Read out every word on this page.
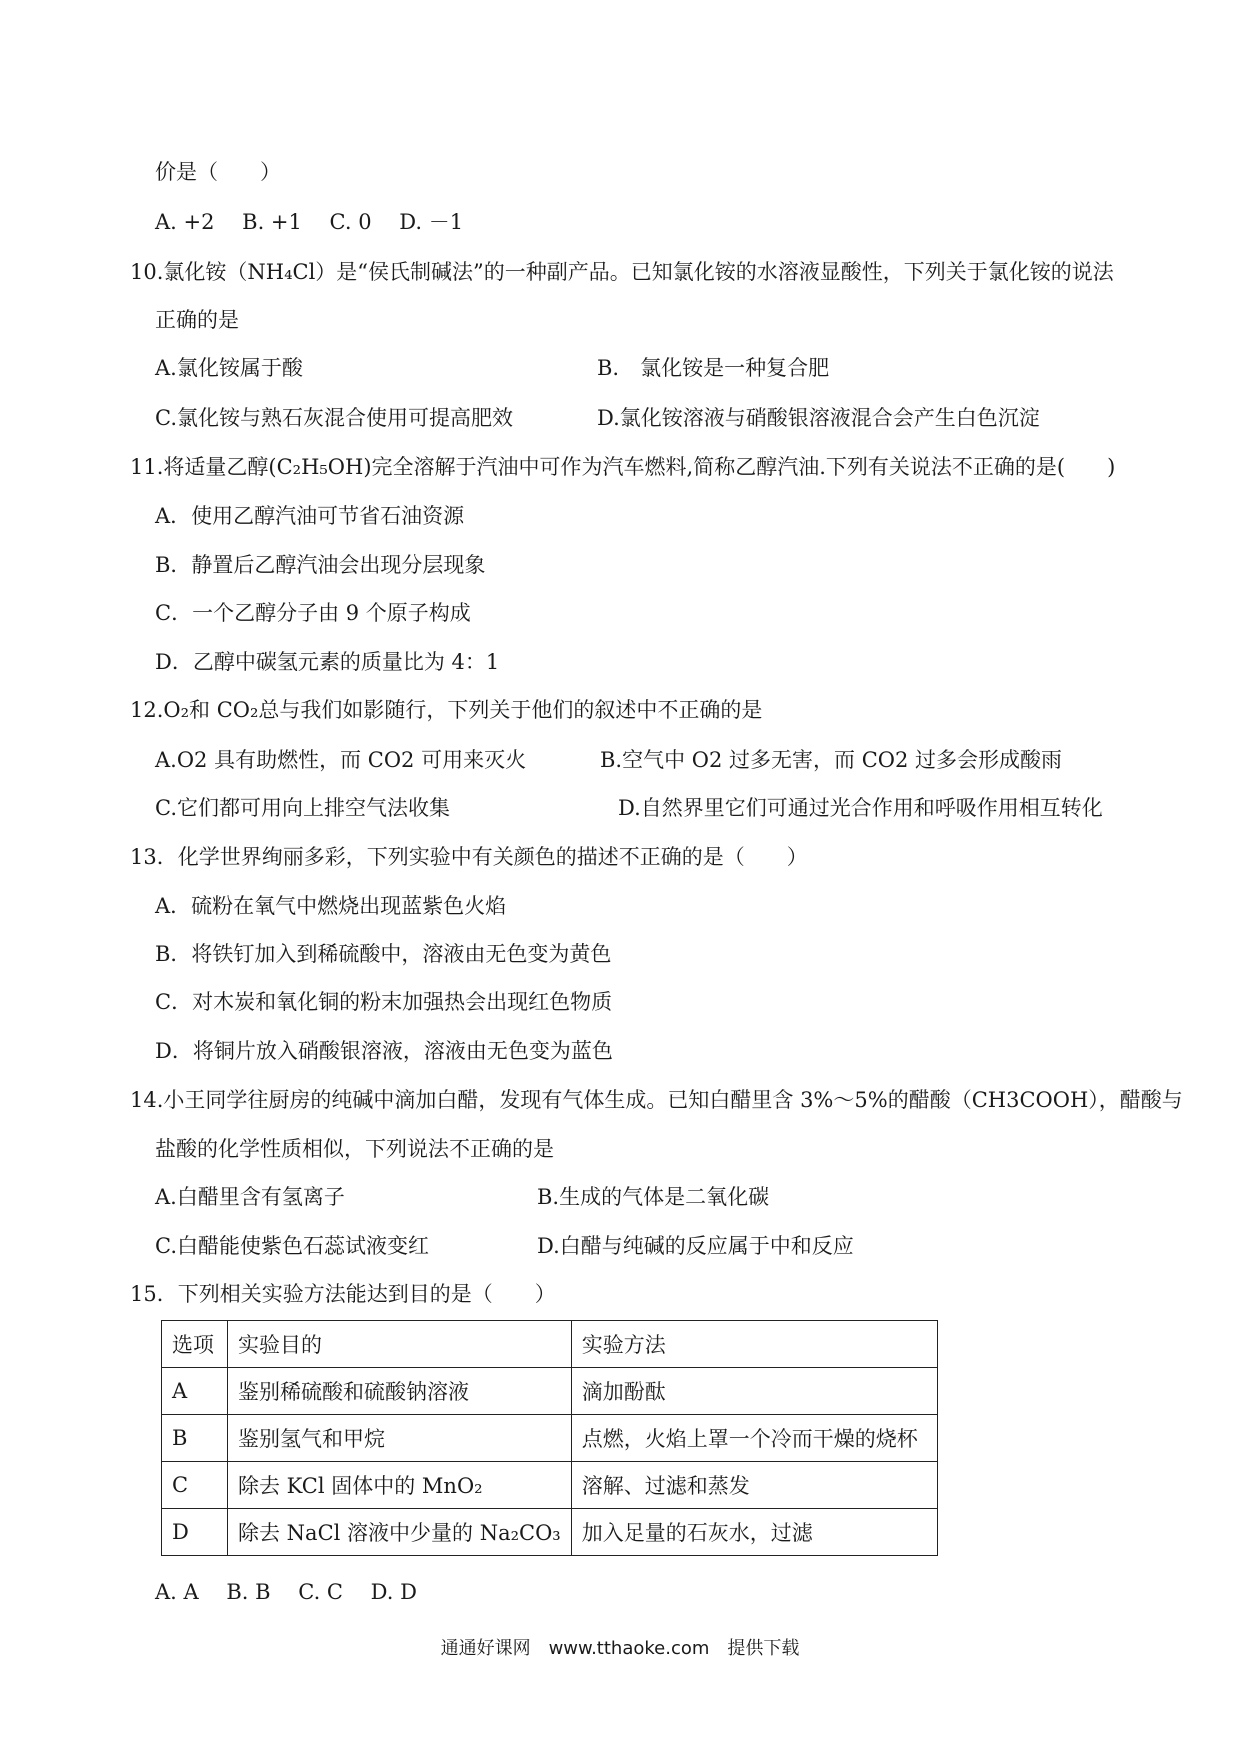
价是（　　）
A. +2　 B. +1　 C. 0　 D. －1
10.氯化铵（NH₄Cl）是“侯氏制碱法”的一种副产品。已知氯化铵的水溶液显酸性，下列关于氯化铵的说法
正确的是
A.氯化铵属于酸	B.　氯化铵是一种复合肥
C.氯化铵与熟石灰混合使用可提高肥效	D.氯化铵溶液与硝酸银溶液混合会产生白色沉淀
11.将适量乙醇(C₂H₅OH)完全溶解于汽油中可作为汽车燃料,简称乙醇汽油.下列有关说法不正确的是(　　)
A．使用乙醇汽油可节省石油资源
B．静置后乙醇汽油会出现分层现象
C．一个乙醇分子由 9 个原子构成
D．乙醇中碳氢元素的质量比为 4：1
12.O₂和 CO₂总与我们如影随行，下列关于他们的叙述中不正确的是
A.O2 具有助燃性，而 CO2 可用来灭火	B.空气中 O2 过多无害，而 CO2 过多会形成酸雨
C.它们都可用向上排空气法收集	D.自然界里它们可通过光合作用和呼吸作用相互转化
13．化学世界绚丽多彩，下列实验中有关颜色的描述不正确的是（　　）
A．硫粉在氧气中燃烧出现蓝紫色火焰
B．将铁钉加入到稀硫酸中，溶液由无色变为黄色
C．对木炭和氧化铜的粉末加强热会出现红色物质
D．将铜片放入硝酸银溶液，溶液由无色变为蓝色
14.小王同学往厨房的纯碱中滴加白醋，发现有气体生成。已知白醋里含 3%～5%的醋酸（CH3COOH），醋酸与
盐酸的化学性质相似，下列说法不正确的是
A.白醋里含有氢离子	B.生成的气体是二氧化碳
C.白醋能使紫色石蕊试液变红	D.白醋与纯碱的反应属于中和反应
15．下列相关实验方法能达到目的是（　　）
选项	实验目的	实验方法
A	鉴别稀硫酸和硫酸钠溶液	滴加酚酞
B	鉴别氢气和甲烷	点燃，火焰上罩一个冷而干燥的烧杯
C	除去 KCl 固体中的 MnO₂	溶解、过滤和蒸发
D	除去 NaCl 溶液中少量的 Na₂CO₃	加入足量的石灰水，过滤
A. A　 B. B　 C. C　 D. D
通通好课网　www.tthaoke.com　提供下载
